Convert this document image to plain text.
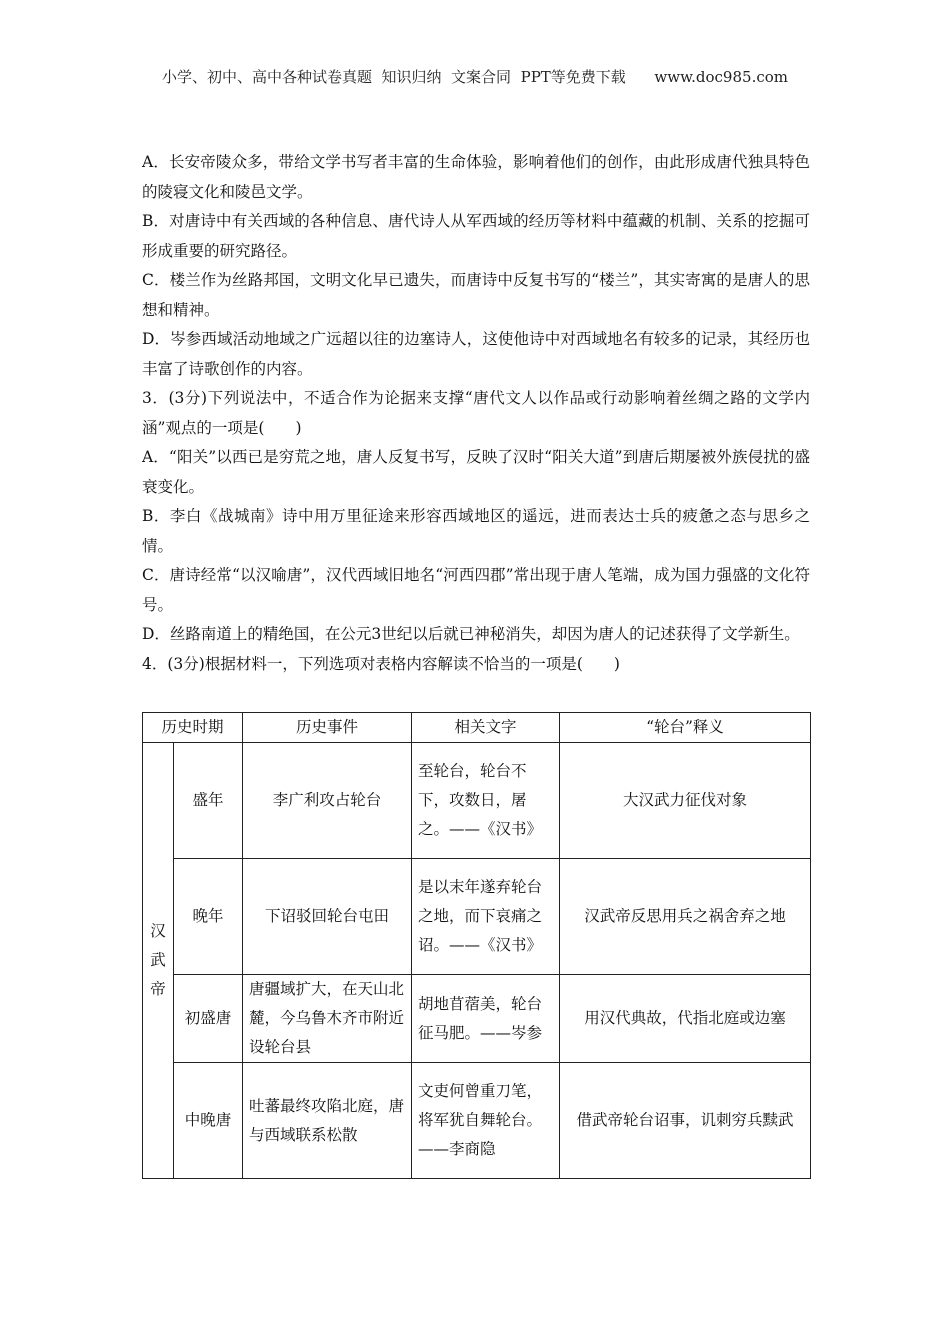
小学、初中、高中各种试卷真题  知识归纳  文案合同  PPT等免费下载      www.doc985.com

A．长安帝陵众多，带给文学书写者丰富的生命体验，影响着他们的创作，由此形成唐代独具特色的陵寝文化和陵邑文学。

B．对唐诗中有关西域的各种信息、唐代诗人从军西域的经历等材料中蕴藏的机制、关系的挖掘可形成重要的研究路径。

C．楼兰作为丝路邦国，文明文化早已遗失，而唐诗中反复书写的“楼兰”，其实寄寓的是唐人的思想和精神。

D．岑参西域活动地域之广远超以往的边塞诗人，这使他诗中对西域地名有较多的记录，其经历也丰富了诗歌创作的内容。

3．(3分)下列说法中，不适合作为论据来支撑“唐代文人以作品或行动影响着丝绸之路的文学内涵”观点的一项是(　　)

A．“阳关”以西已是穷荒之地，唐人反复书写，反映了汉时“阳关大道”到唐后期屡被外族侵扰的盛衰变化。

B．李白《战城南》诗中用万里征途来形容西域地区的遥远，进而表达士兵的疲惫之态与思乡之情。

C．唐诗经常“以汉喻唐”，汉代西域旧地名“河西四郡”常出现于唐人笔端，成为国力强盛的文化符号。

D．丝路南道上的精绝国，在公元3世纪以后就已神秘消失，却因为唐人的记述获得了文学新生。

4．(3分)根据材料一，下列选项对表格内容解读不恰当的一项是(　　)

历史时期		历史事件	相关文字	“轮台”释义

汉武帝	盛年	李广利攻占轮台	至轮台，轮台不下，攻数日，屠之。——《汉书》	大汉武力征伐对象
	晚年	下诏驳回轮台屯田	是以末年遂弃轮台之地，而下哀痛之诏。——《汉书》	汉武帝反思用兵之祸舍弃之地
	初盛唐	唐疆域扩大，在天山北麓，今乌鲁木齐市附近设轮台县	胡地苜蓿美，轮台征马肥。——岑参	用汉代典故，代指北庭或边塞
	中晚唐	吐蕃最终攻陷北庭，唐与西域联系松散	文吏何曾重刀笔，将军犹自舞轮台。——李商隐	借武帝轮台诏事，讥刺穷兵黩武
